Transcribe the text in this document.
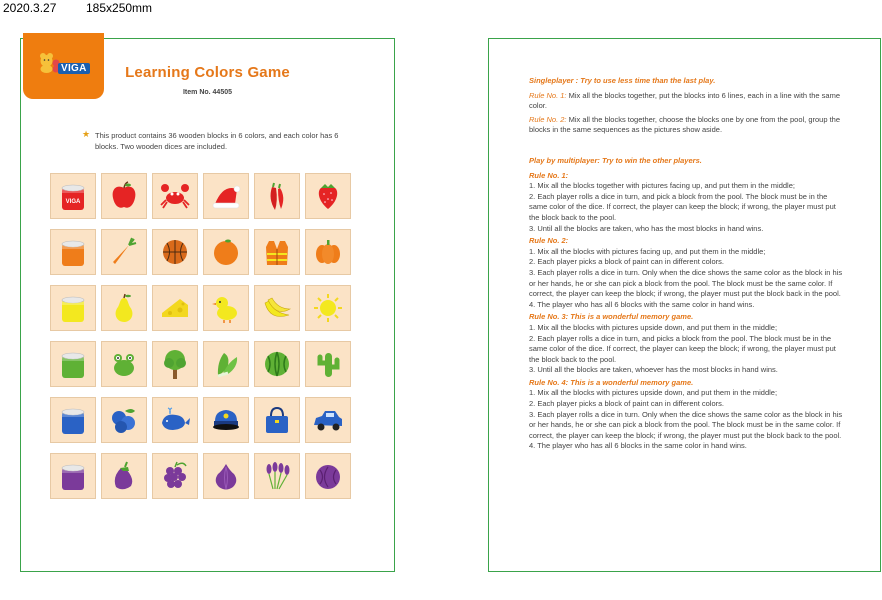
2020.3.27 185x250mm
VIGA	Learning Colors Game
Item No. 44505
★ This product contains 36 wooden blocks in 6 colors, and each color has 6 blocks. Two wooden dices are included.
VIGA
Singleplayer : Try to use less time than the last play.
Rule No. 1: Mix all the blocks together, put the blocks into 6 lines, each in a line with the same color.
Rule No. 2: Mix all the blocks together, choose the blocks one by one from the pool, group the blocks in the same sequences as the pictures show aside.
Play by multiplayer: Try to win the other players.
Rule No. 1:
1. Mix all the blocks together with pictures facing up, and put them in the middle;
2. Each player rolls a dice in turn, and pick a block from the pool. The block must be in the same color of the dice. If correct, the player can keep the block; if wrong, the player must put the block back to the pool.
3. Until all the blocks are taken, who has the most blocks in hand wins.
Rule No. 2:
1. Mix all the blocks with pictures facing up, and put them in the middle;
2. Each player picks a block of paint can in different colors.
3. Each player rolls a dice in turn. Only when the dice shows the same color as the block in his or her hands, he or she can pick a block from the pool. The block must be the same color. If correct, the player can keep the block; if wrong, the player must put the block back in the pool.
4. The player who has all 6 blocks with the same color in hand wins.
Rule No. 3: This is a wonderful memory game.
1. Mix all the blocks with pictures upside down, and put them in the middle;
2. Each player rolls a dice in turn, and picks a block from the pool. The block must be in the same color of the dice. If correct, the player can keep the block; if wrong, the player must put the block back to the pool.
3. Until all the blocks are taken, whoever has the most blocks in hand wins.
Rule No. 4: This is a wonderful memory game.
1. Mix all the blocks with pictures upside down, and put them in the middle;
2. Each player picks a block of paint can in different colors.
3. Each player rolls a dice in turn. Only when the dice shows the same color as the block in his or her hands, he or she can pick a block from the pool. The block must be in the same color. If correct, the player can keep the block; if wrong, the player must put the block back to the pool.
4. The player who has all 6 blocks in the same color in hand wins.
